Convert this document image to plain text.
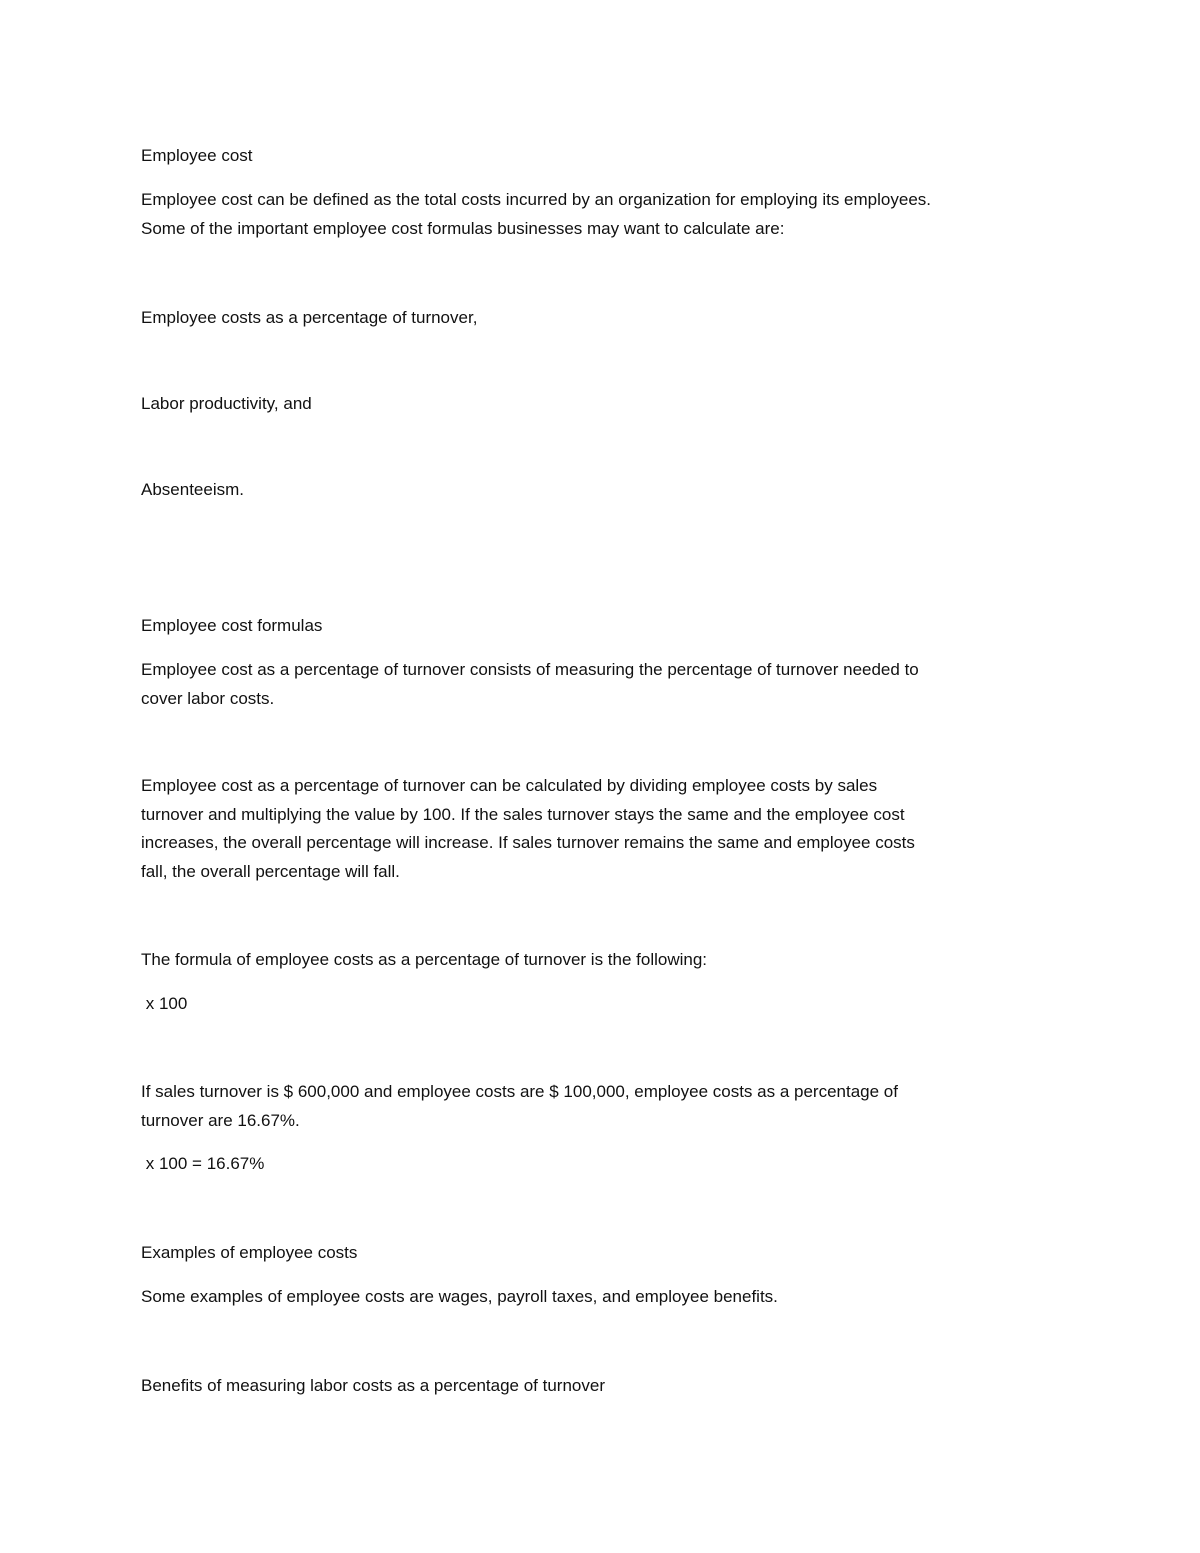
Employee cost

Employee cost can be defined as the total costs incurred by an organization for employing its employees.
Some of the important employee cost formulas businesses may want to calculate are:

Employee costs as a percentage of turnover,

Labor productivity, and

Absenteeism.

Employee cost formulas

Employee cost as a percentage of turnover consists of measuring the percentage of turnover needed to
cover labor costs.

Employee cost as a percentage of turnover can be calculated by dividing employee costs by sales
turnover and multiplying the value by 100. If the sales turnover stays the same and the employee cost
increases, the overall percentage will increase. If sales turnover remains the same and employee costs
fall, the overall percentage will fall.

The formula of employee costs as a percentage of turnover is the following:

x 100

If sales turnover is $ 600,000 and employee costs are $ 100,000, employee costs as a percentage of
turnover are 16.67%.

x 100 = 16.67%

Examples of employee costs

Some examples of employee costs are wages, payroll taxes, and employee benefits.

Benefits of measuring labor costs as a percentage of turnover
